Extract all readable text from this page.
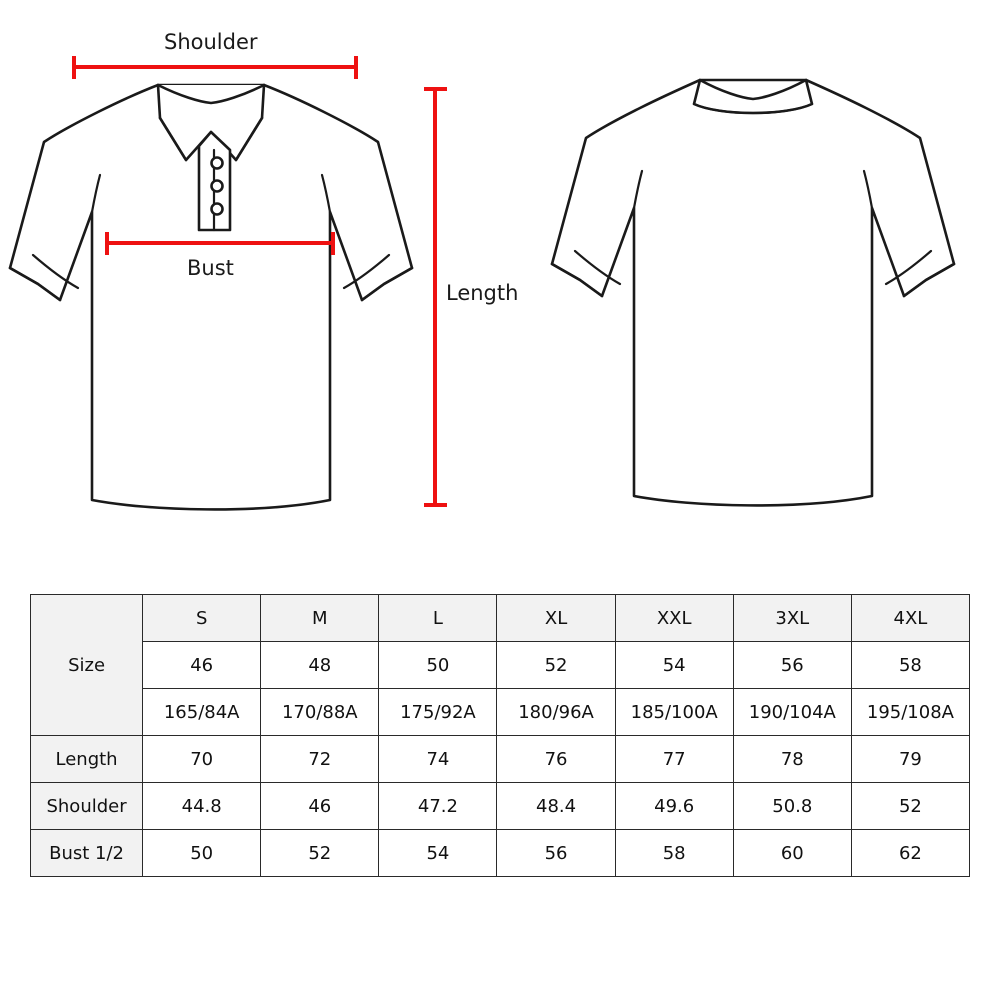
Shoulder
Bust
Length
Size	S	M	L	XL	XXL	3XL	4XL
	46	48	50	52	54	56	58
	165/84A	170/88A	175/92A	180/96A	185/100A	190/104A	195/108A
Length	70	72	74	76	77	78	79
Shoulder	44.8	46	47.2	48.4	49.6	50.8	52
Bust 1/2	50	52	54	56	58	60	62
